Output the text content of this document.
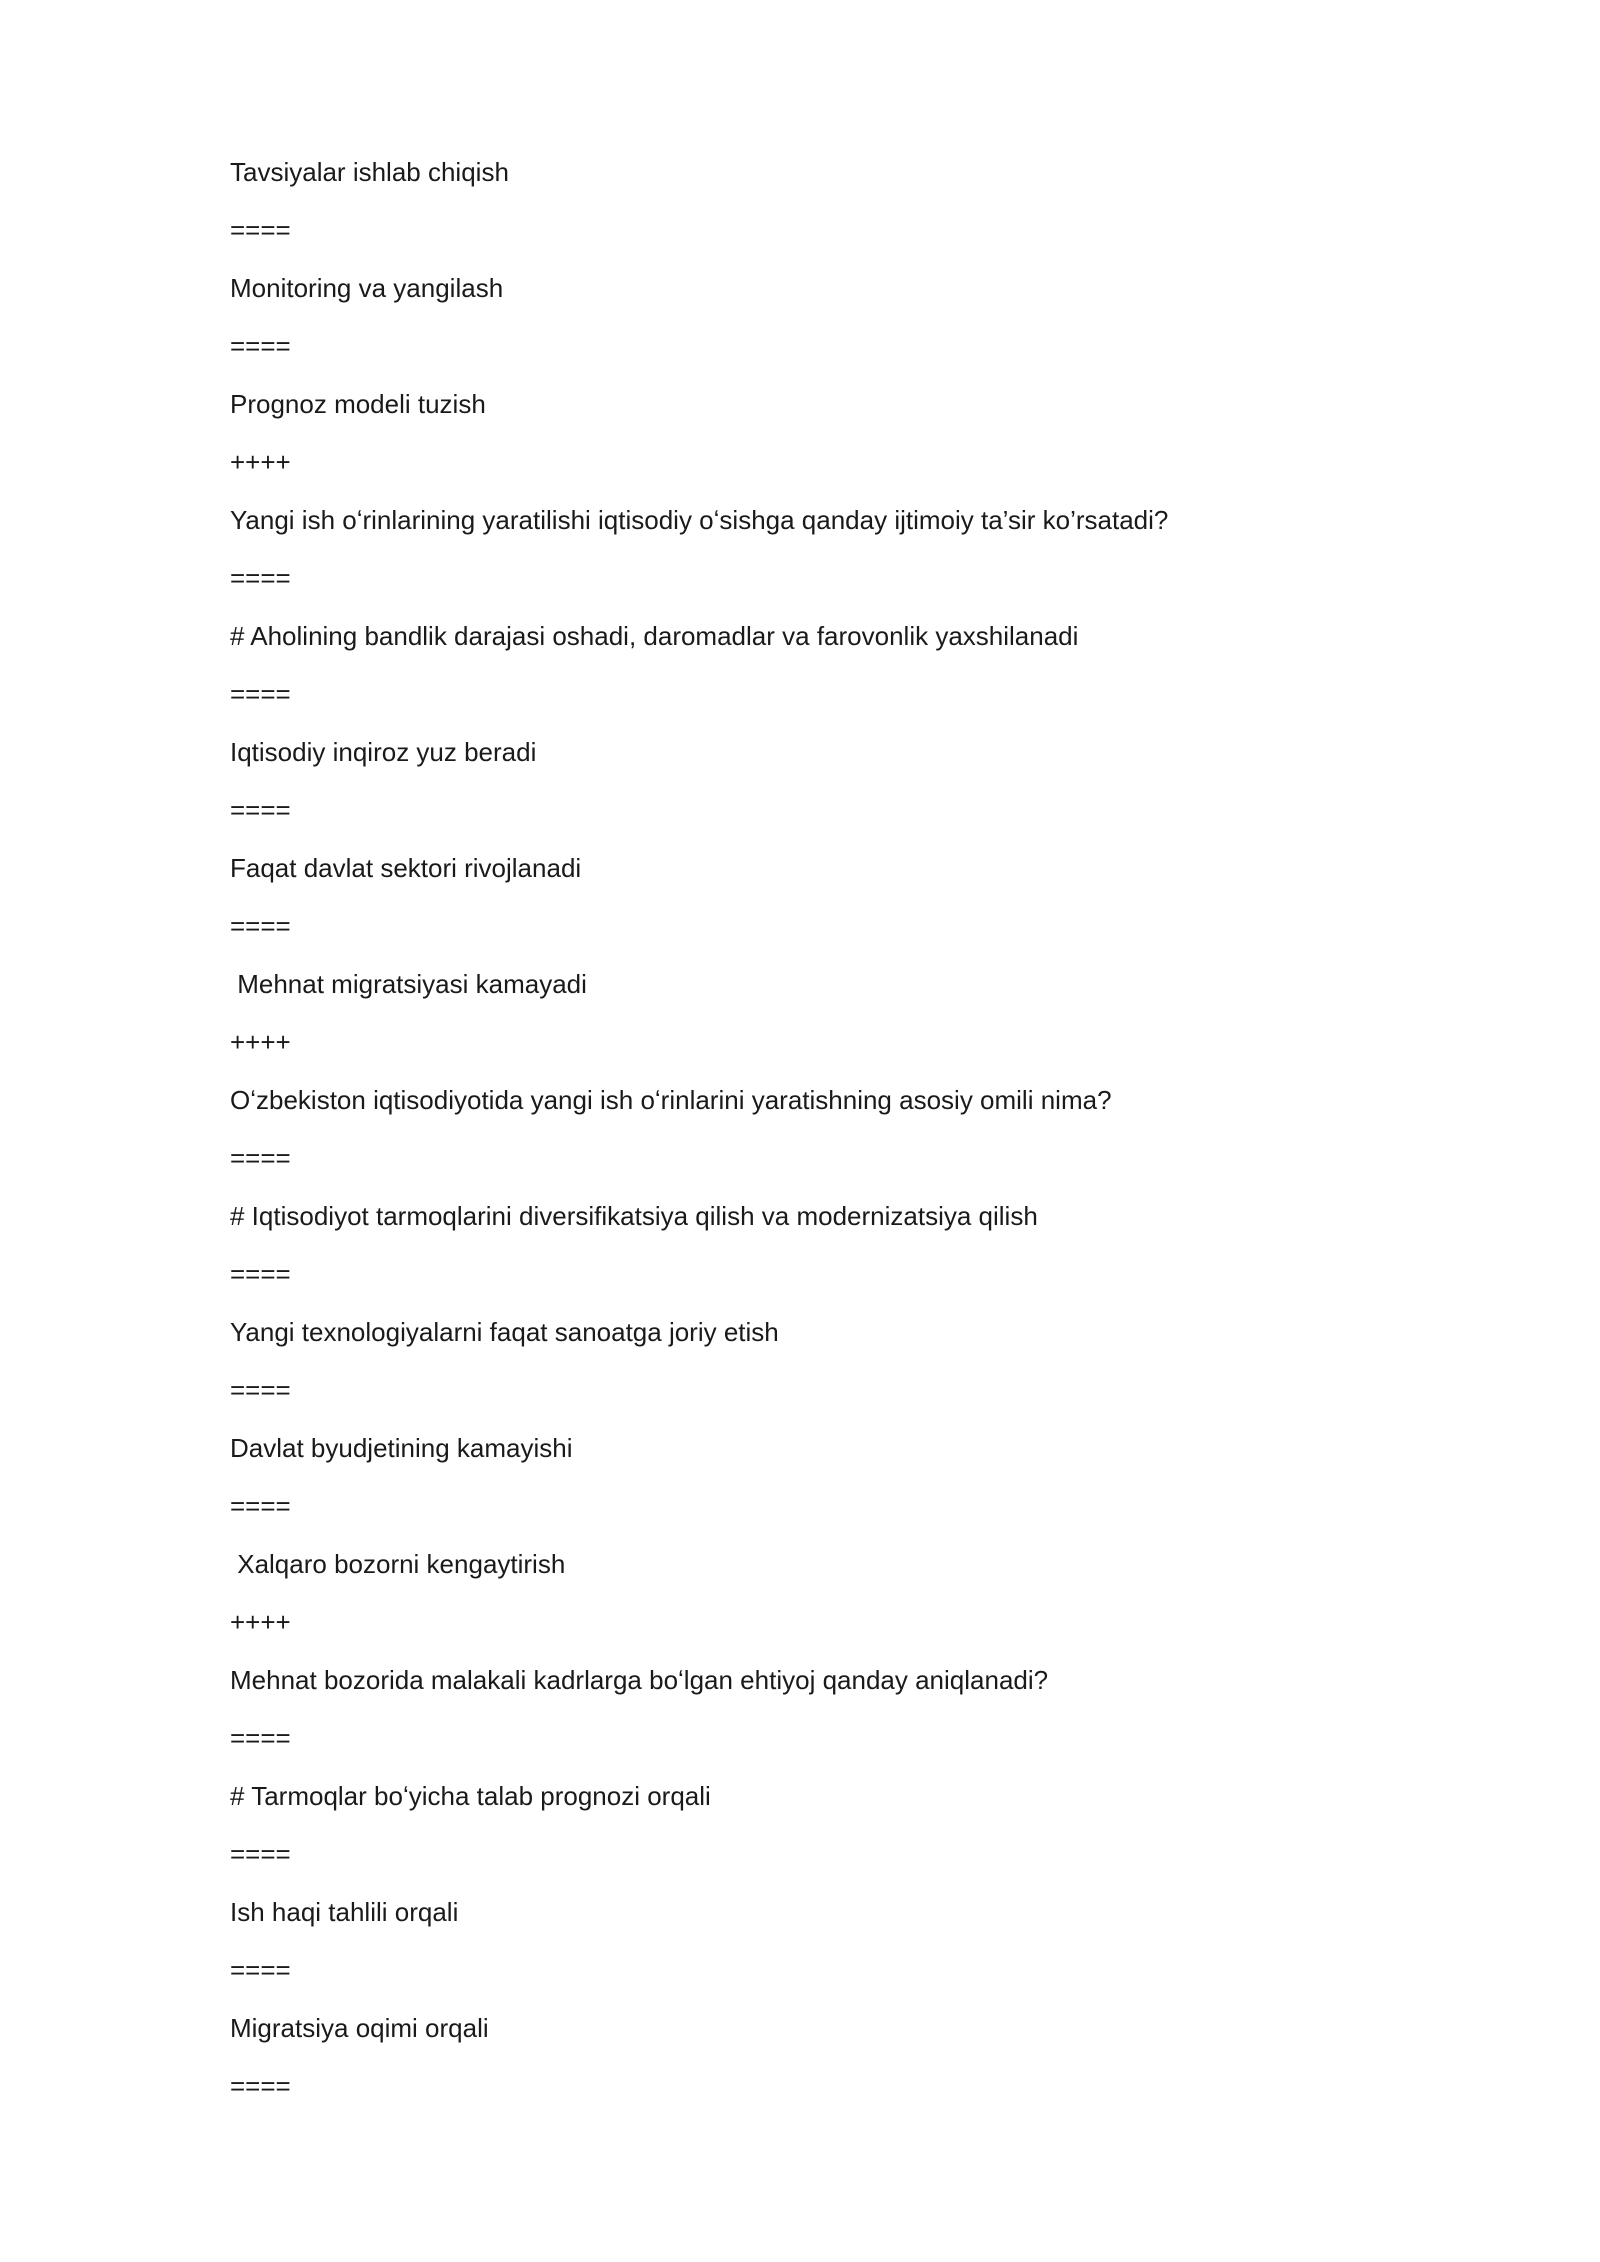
Tavsiyalar ishlab chiqish

====

Monitoring va yangilash

====

Prognoz modeli tuzish

++++

Yangi ish oʻrinlarining yaratilishi iqtisodiy oʻsishga qanday ijtimoiy ta’sir ko’rsatadi?

====

# Aholining bandlik darajasi oshadi, daromadlar va farovonlik yaxshilanadi

====

Iqtisodiy inqiroz yuz beradi

====

Faqat davlat sektori rivojlanadi

====

Mehnat migratsiyasi kamayadi

++++

Oʻzbekiston iqtisodiyotida yangi ish oʻrinlarini yaratishning asosiy omili nima?

====

# Iqtisodiyot tarmoqlarini diversifikatsiya qilish va modernizatsiya qilish

====

Yangi texnologiyalarni faqat sanoatga joriy etish

====

Davlat byudjetining kamayishi

====

Xalqaro bozorni kengaytirish

++++

Mehnat bozorida malakali kadrlarga boʻlgan ehtiyoj qanday aniqlanadi?

====

# Tarmoqlar boʻyicha talab prognozi orqali

====

Ish haqi tahlili orqali

====

Migratsiya oqimi orqali

====
